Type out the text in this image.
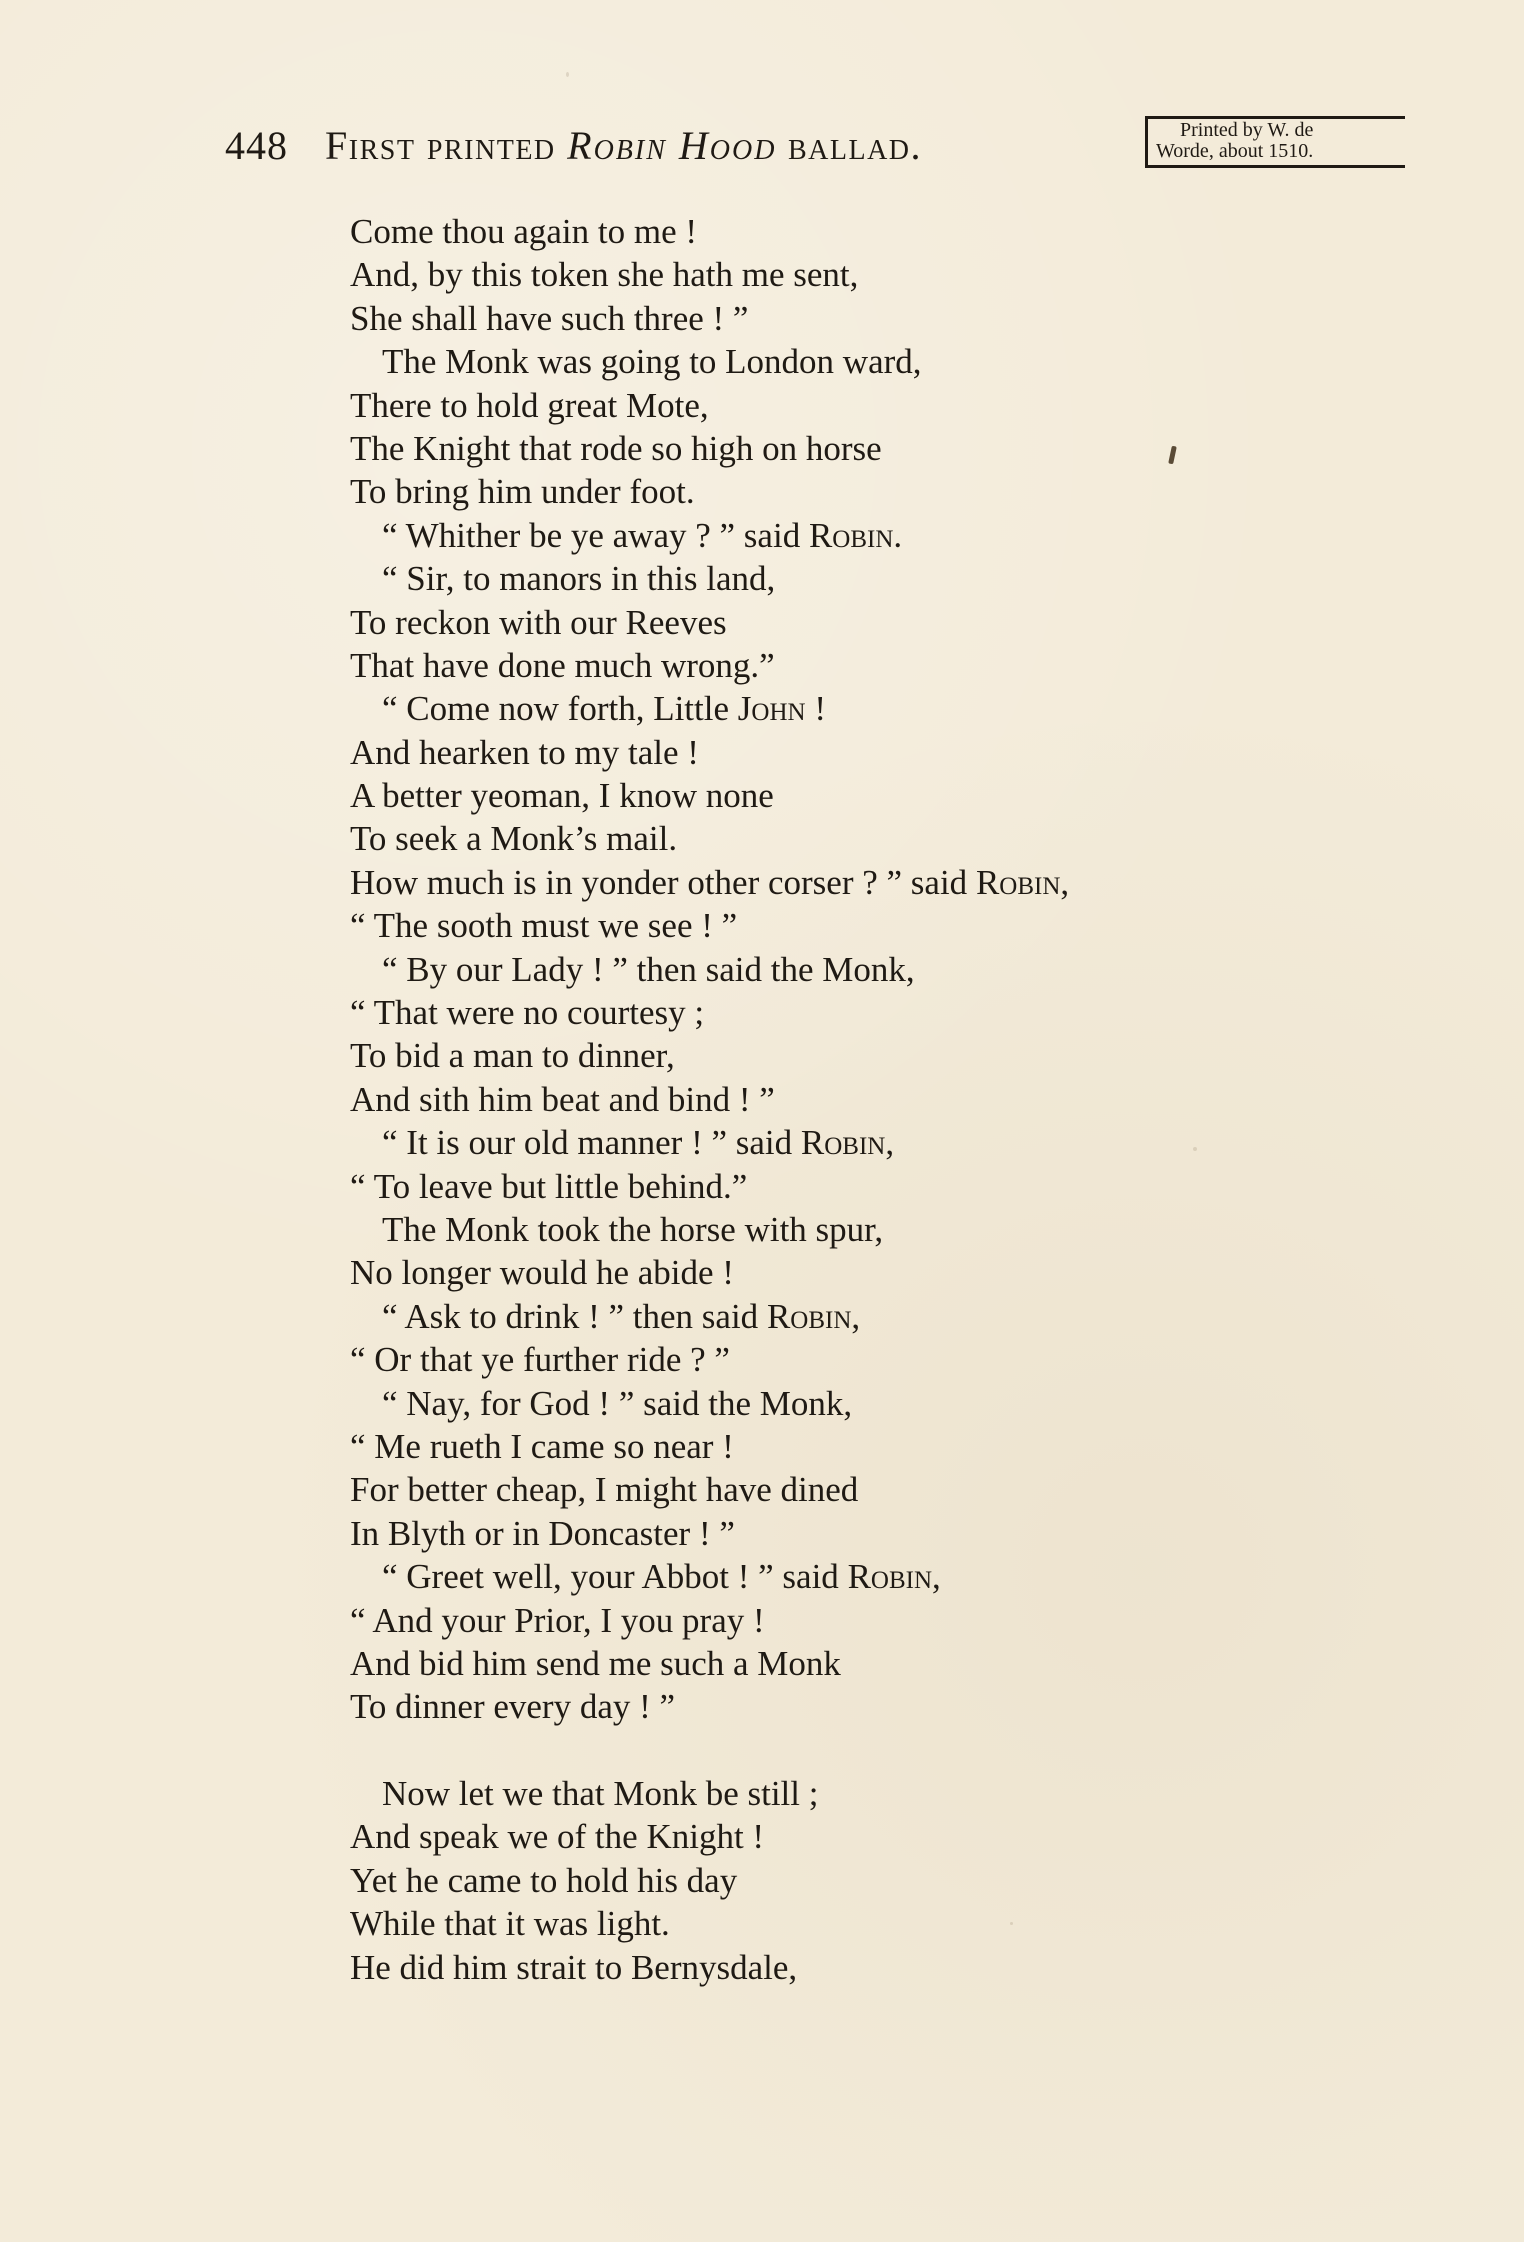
448 First printed Robin Hood ballad.	Printed by W. de
Worde, about 1510.
Come thou again to me !
And, by this token she hath me sent,
She shall have such three ! ”
The Monk was going to London ward,
There to hold great Mote,
The Knight that rode so high on horse
To bring him under foot.
“ Whither be ye away ? ” said Robin.
“ Sir, to manors in this land,
To reckon with our Reeves
That have done much wrong.”
“ Come now forth, Little John !
And hearken to my tale !
A better yeoman, I know none
To seek a Monk’s mail.
How much is in yonder other corser ? ” said Robin,
“ The sooth must we see ! ”
“ By our Lady ! ” then said the Monk,
“ That were no courtesy ;
To bid a man to dinner,
And sith him beat and bind ! ”
“ It is our old manner ! ” said Robin,
“ To leave but little behind.”
The Monk took the horse with spur,
No longer would he abide !
“ Ask to drink ! ” then said Robin,
“ Or that ye further ride ? ”
“ Nay, for God ! ” said the Monk,
“ Me rueth I came so near !
For better cheap, I might have dined
In Blyth or in Doncaster ! ”
“ Greet well, your Abbot ! ” said Robin,
“ And your Prior, I you pray !
And bid him send me such a Monk
To dinner every day ! ”
Now let we that Monk be still ;
And speak we of the Knight !
Yet he came to hold his day
While that it was light.
He did him strait to Bernysdale,
